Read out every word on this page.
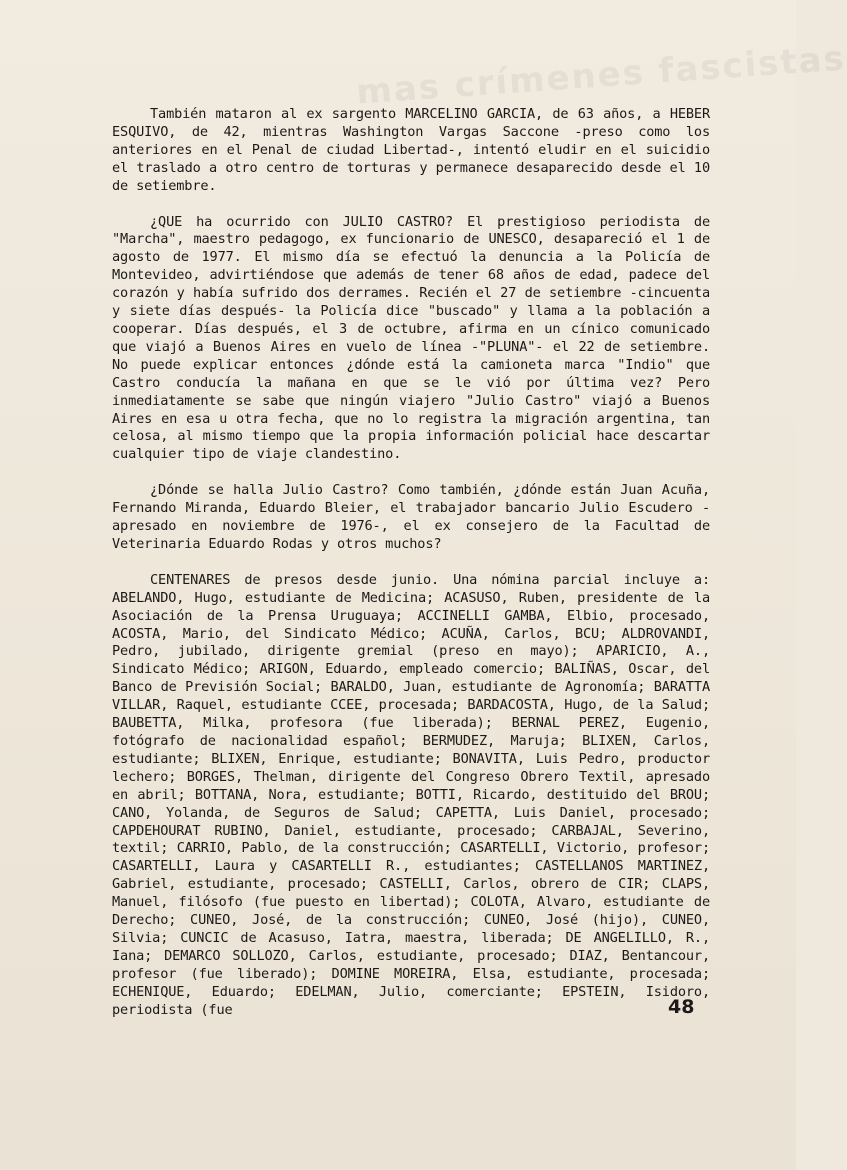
mas crímenes fascistas

También mataron al ex sargento MARCELINO GARCIA, de 63 años, a HEBER ESQUIVO, de 42, mientras Washington Vargas Saccone -preso como los anteriores en el Penal de ciudad Libertad-, intentó eludir en el suicidio el traslado a otro centro de torturas y permanece desaparecido desde el 10 de setiembre.

¿QUE ha ocurrido con JULIO CASTRO? El prestigioso periodista de "Marcha", maestro pedagogo, ex funcionario de UNESCO, desapareció el 1 de agosto de 1977. El mismo día se efectuó la denuncia a la Policía de Montevideo, advirtiéndose que además de tener 68 años de edad, padece del corazón y había sufrido dos derrames. Recién el 27 de setiembre -cincuenta y siete días después- la Policía dice "buscado" y llama a la población a cooperar. Días después, el 3 de octubre, afirma en un cínico comunicado que viajó a Buenos Aires en vuelo de línea -"PLUNA"- el 22 de setiembre. No puede explicar entonces ¿dónde está la camioneta marca "Indio" que Castro conducía la mañana en que se le vió por última vez? Pero inmediatamente se sabe que ningún viajero "Julio Castro" viajó a Buenos Aires en esa u otra fecha, que no lo registra la migración argentina, tan celosa, al mismo tiempo que la propia información policial hace descartar cualquier tipo de viaje clandestino.

¿Dónde se halla Julio Castro? Como también, ¿dónde están Juan Acuña, Fernando Miranda, Eduardo Bleier, el trabajador bancario Julio Escudero -apresado en noviembre de 1976-, el ex consejero de la Facultad de Veterinaria Eduardo Rodas y otros muchos?

CENTENARES de presos desde junio. Una nómina parcial incluye a: ABELANDO, Hugo, estudiante de Medicina; ACASUSO, Ruben, presidente de la Asociación de la Prensa Uruguaya; ACCINELLI GAMBA, Elbio, procesado, ACOSTA, Mario, del Sindicato Médico; ACUÑA, Carlos, BCU; ALDROVANDI, Pedro, jubilado, dirigente gremial (preso en mayo); APARICIO, A., Sindicato Médico; ARIGON, Eduardo, empleado comercio; BALIÑAS, Oscar, del Banco de Previsión Social; BARALDO, Juan, estudiante de Agronomía; BARATTA VILLAR, Raquel, estudiante CCEE, procesada; BARDACOSTA, Hugo, de la Salud; BAUBETTA, Milka, profesora (fue liberada); BERNAL PEREZ, Eugenio, fotógrafo de nacionalidad español; BERMUDEZ, Maruja; BLIXEN, Carlos, estudiante; BLIXEN, Enrique, estudiante; BONAVITA, Luis Pedro, productor lechero; BORGES, Thelman, dirigente del Congreso Obrero Textil, apresado en abril; BOTTANA, Nora, estudiante; BOTTI, Ricardo, destituido del BROU; CANO, Yolanda, de Seguros de Salud; CAPETTA, Luis Daniel, procesado; CAPDEHOURAT RUBINO, Daniel, estudiante, procesado; CARBAJAL, Severino, textil; CARRIO, Pablo, de la construcción; CASARTELLI, Victorio, profesor; CASARTELLI, Laura y CASARTELLI R., estudiantes; CASTELLANOS MARTINEZ, Gabriel, estudiante, procesado; CASTELLI, Carlos, obrero de CIR; CLAPS, Manuel, filósofo (fue puesto en libertad); COLOTA, Alvaro, estudiante de Derecho; CUNEO, José, de la construcción; CUNEO, José (hijo), CUNEO, Silvia; CUNCIC de Acasuso, Iatra, maestra, liberada; DE ANGELILLO, R., Iana; DEMARCO SOLLOZO, Carlos, estudiante, procesado; DIAZ, Bentancour, profesor (fue liberado); DOMINE MOREIRA, Elsa, estudiante, procesada; ECHENIQUE, Eduardo; EDELMAN, Julio, comerciante; EPSTEIN, Isidoro, periodista (fue	48
